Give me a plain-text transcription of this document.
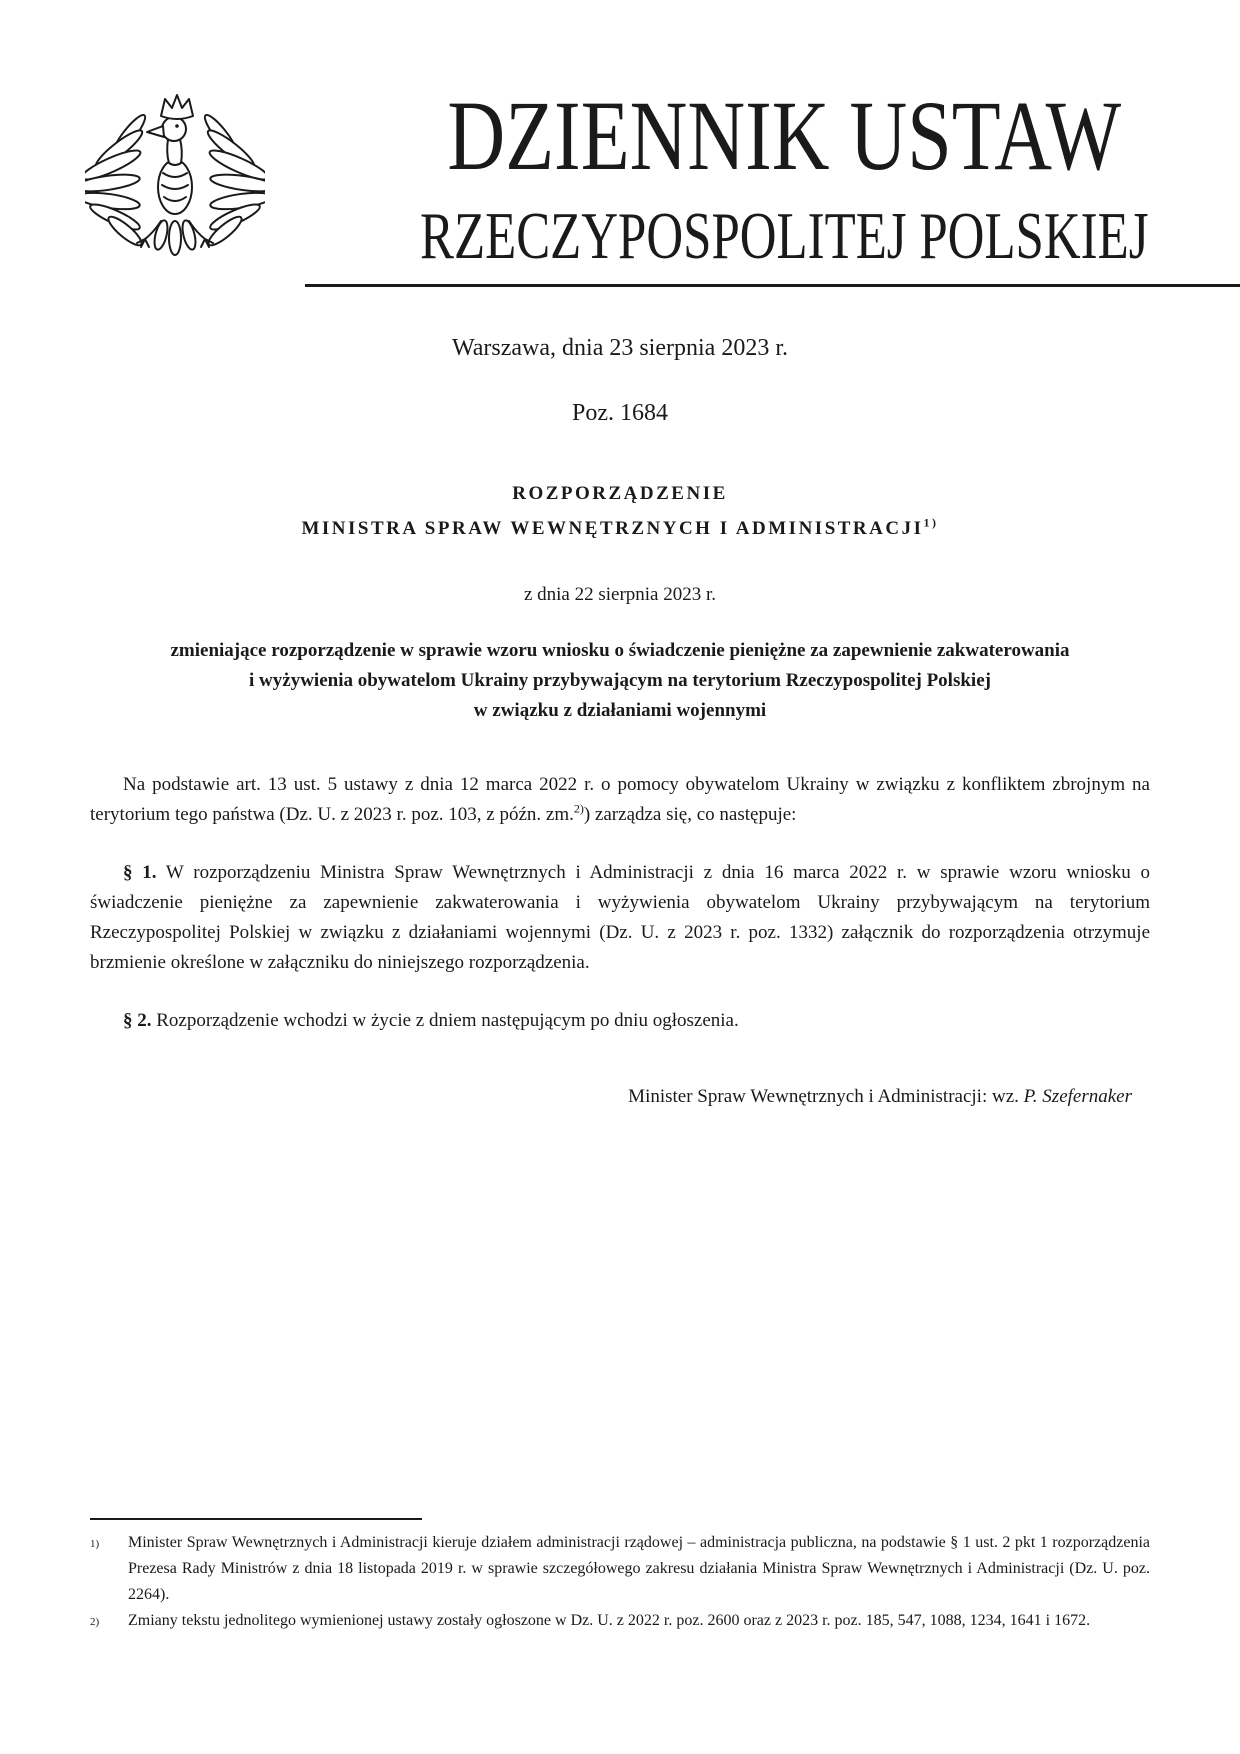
DZIENNIK USTAW
RZECZYPOSPOLITEJ POLSKIEJ
Warszawa, dnia 23 sierpnia 2023 r.
Poz. 1684
ROZPORZĄDZENIE
MINISTRA SPRAW WEWNĘTRZNYCH I ADMINISTRACJI$^{1)}$
z dnia 22 sierpnia 2023 r.
zmieniające rozporządzenie w sprawie wzoru wniosku o świadczenie pieniężne za zapewnienie zakwaterowania
i wyżywienia obywatelom Ukrainy przybywającym na terytorium Rzeczypospolitej Polskiej
w związku z działaniami wojennymi

Na podstawie art. 13 ust. 5 ustawy z dnia 12 marca 2022 r. o pomocy obywatelom Ukrainy w związku z konfliktem zbrojnym na terytorium tego państwa (Dz. U. z 2023 r. poz. 103, z późn. zm.$^{2)}$) zarządza się, co następuje:

§ 1. W rozporządzeniu Ministra Spraw Wewnętrznych i Administracji z dnia 16 marca 2022 r. w sprawie wzoru wniosku o świadczenie pieniężne za zapewnienie zakwaterowania i wyżywienia obywatelom Ukrainy przybywającym na terytorium Rzeczypospolitej Polskiej w związku z działaniami wojennymi (Dz. U. z 2023 r. poz. 1332) załącznik do rozporządzenia otrzymuje brzmienie określone w załączniku do niniejszego rozporządzenia.

§ 2. Rozporządzenie wchodzi w życie z dniem następującym po dniu ogłoszenia.

Minister Spraw Wewnętrznych i Administracji: wz. P. Szefernaker
1)	Minister Spraw Wewnętrznych i Administracji kieruje działem administracji rządowej – administracja publiczna, na podstawie § 1 ust. 2 pkt 1 rozporządzenia Prezesa Rady Ministrów z dnia 18 listopada 2019 r. w sprawie szczegółowego zakresu działania Ministra Spraw Wewnętrznych i Administracji (Dz. U. poz. 2264).
2)	Zmiany tekstu jednolitego wymienionej ustawy zostały ogłoszone w Dz. U. z 2022 r. poz. 2600 oraz z 2023 r. poz. 185, 547, 1088, 1234, 1641 i 1672.
